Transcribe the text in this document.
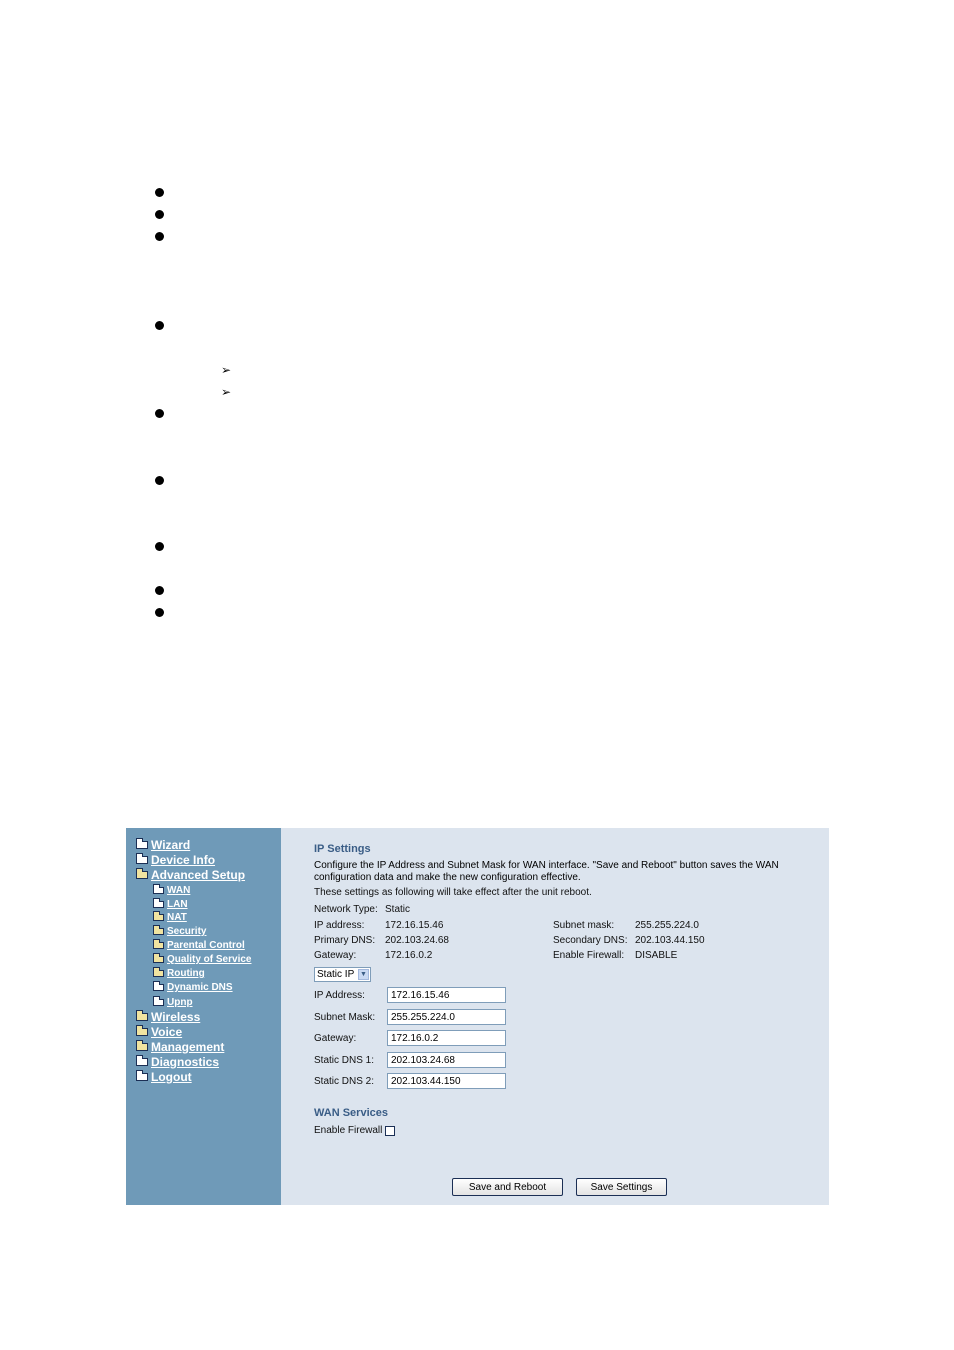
➢
➢
Wizard
Device Info
Advanced Setup
WAN
LAN
NAT
Security
Parental Control
Quality of Service
Routing
Dynamic DNS
Upnp
Wireless
Voice
Management
Diagnostics
Logout
IP Settings
Configure the IP Address and Subnet Mask for WAN interface. "Save and Reboot" button saves the WAN configuration data and make the new configuration effective.
These settings as following will take effect after the unit reboot.
Network Type: Static
IP address: 172.16.15.46	Subnet mask: 255.255.224.0
Primary DNS: 202.103.24.68	Secondary DNS: 202.103.44.150
Gateway:	172.16.0.2	Enable Firewall: DISABLE
Static IP ▼
IP Address:
172.16.15.46
Subnet Mask:
255.255.224.0
Gateway:
172.16.0.2
Static DNS 1:
202.103.24.68
Static DNS 2:
202.103.44.150
WAN Services
Enable Firewall
Save and Reboot	Save Settings
